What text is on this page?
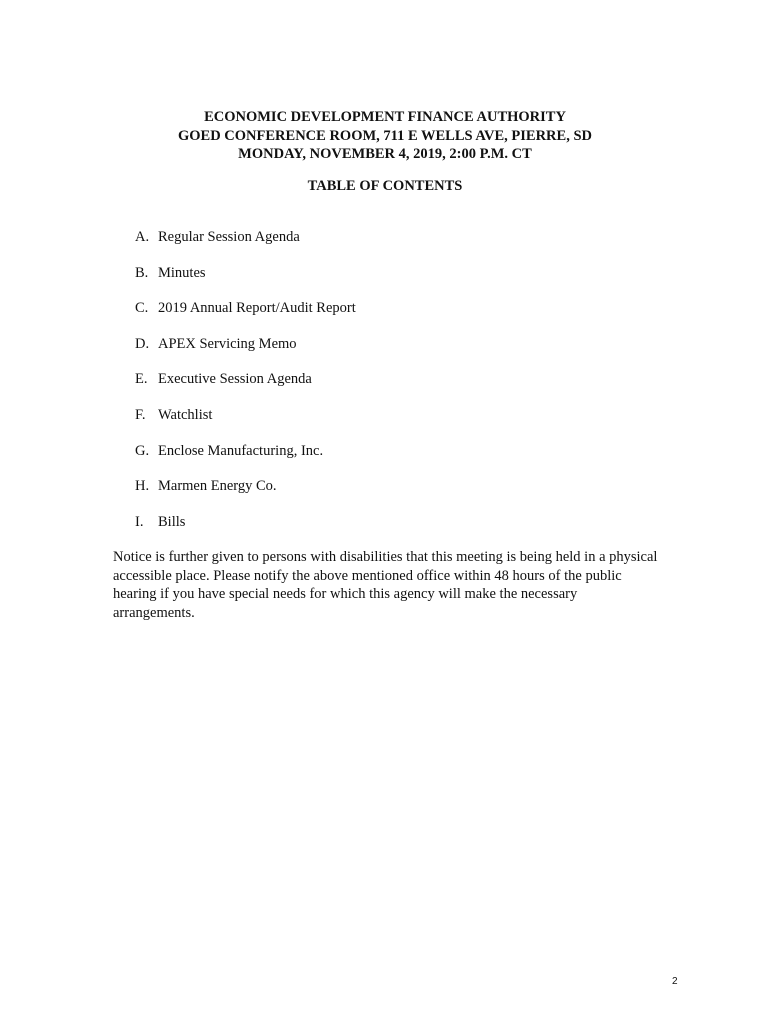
ECONOMIC DEVELOPMENT FINANCE AUTHORITY
GOED CONFERENCE ROOM, 711 E WELLS AVE, PIERRE, SD
MONDAY, NOVEMBER 4, 2019, 2:00 P.M. CT
TABLE OF CONTENTS
A. Regular Session Agenda
B. Minutes
C. 2019 Annual Report/Audit Report
D. APEX Servicing Memo
E. Executive Session Agenda
F. Watchlist
G. Enclose Manufacturing, Inc.
H. Marmen Energy Co.
I. Bills

Notice is further given to persons with disabilities that this meeting is being held in a physical accessible place. Please notify the above mentioned office within 48 hours of the public hearing if you have special needs for which this agency will make the necessary arrangements.

2
